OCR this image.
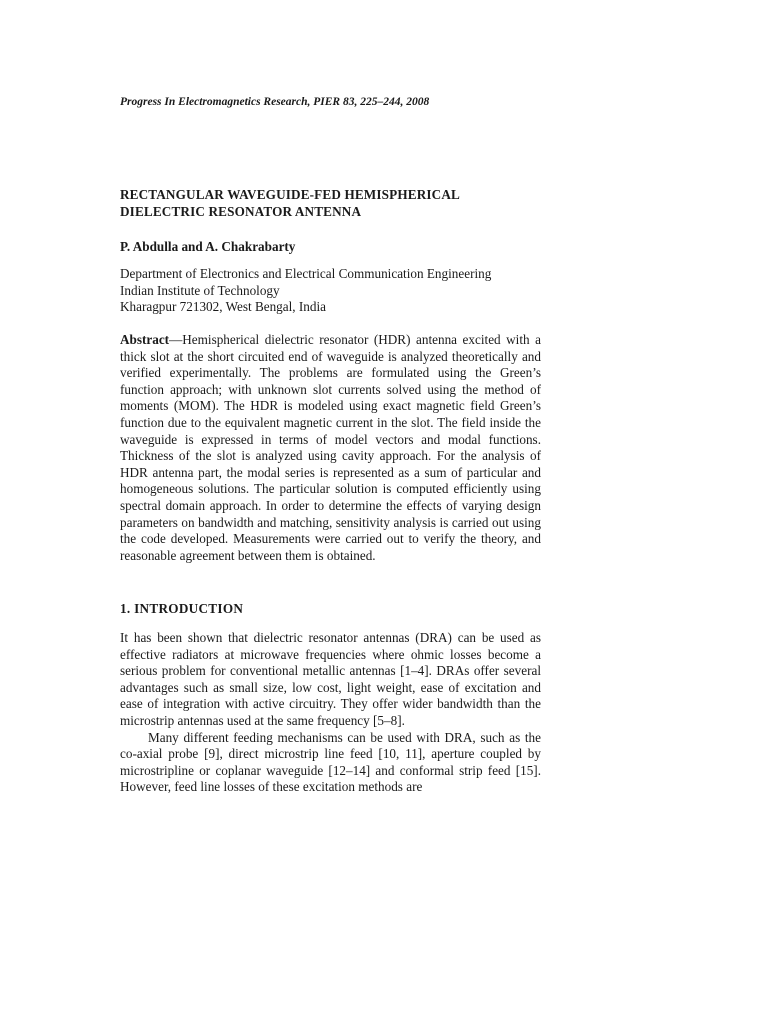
Progress In Electromagnetics Research, PIER 83, 225–244, 2008
RECTANGULAR WAVEGUIDE-FED HEMISPHERICAL
DIELECTRIC RESONATOR ANTENNA
P. Abdulla and A. Chakrabarty
Department of Electronics and Electrical Communication Engineering
Indian Institute of Technology
Kharagpur 721302, West Bengal, India
Abstract—Hemispherical dielectric resonator (HDR) antenna excited with a thick slot at the short circuited end of waveguide is analyzed theoretically and verified experimentally. The problems are formulated using the Green’s function approach; with unknown slot currents solved using the method of moments (MOM). The HDR is modeled using exact magnetic field Green’s function due to the equivalent magnetic current in the slot. The field inside the waveguide is expressed in terms of model vectors and modal functions. Thickness of the slot is analyzed using cavity approach. For the analysis of HDR antenna part, the modal series is represented as a sum of particular and homogeneous solutions. The particular solution is computed efficiently using spectral domain approach. In order to determine the effects of varying design parameters on bandwidth and matching, sensitivity analysis is carried out using the code developed. Measurements were carried out to verify the theory, and reasonable agreement between them is obtained.
1. INTRODUCTION

It has been shown that dielectric resonator antennas (DRA) can be used as effective radiators at microwave frequencies where ohmic losses become a serious problem for conventional metallic antennas [1–4]. DRAs offer several advantages such as small size, low cost, light weight, ease of excitation and ease of integration with active circuitry. They offer wider bandwidth than the microstrip antennas used at the same frequency [5–8].

Many different feeding mechanisms can be used with DRA, such as the co-axial probe [9], direct microstrip line feed [10, 11], aperture coupled by microstripline or coplanar waveguide [12–14] and conformal strip feed [15]. However, feed line losses of these excitation methods are
